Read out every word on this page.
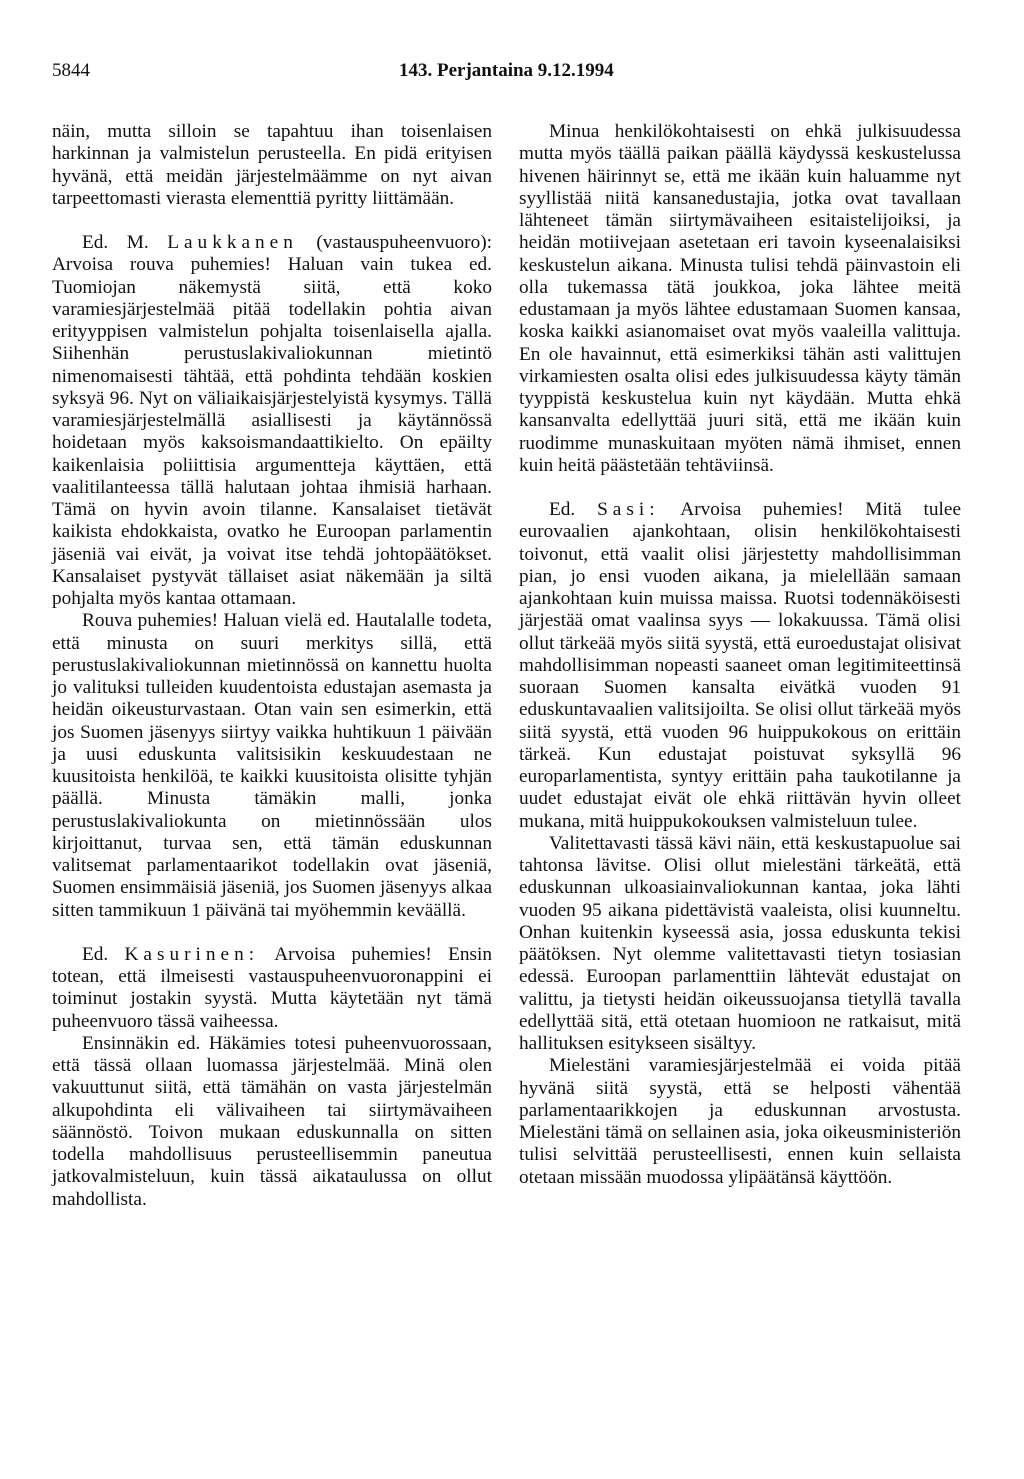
5844	143. Perjantaina 9.12.1994

näin, mutta silloin se tapahtuu ihan toisenlaisen harkinnan ja valmistelun perusteella. En pidä erityisen hyvänä, että meidän järjestelmäämme on nyt aivan tarpeettomasti vierasta elementtiä pyritty liittämään.

Ed. M. Laukkanen (vastauspuheenvuoro): Arvoisa rouva puhemies! Haluan vain tukea ed. Tuomiojan näkemystä siitä, että koko varamiesjärjestelmää pitää todellakin pohtia aivan erityyppisen valmistelun pohjalta toisenlaisella ajalla. Siihenhän perustuslakivaliokunnan mietintö nimenomaisesti tähtää, että pohdinta tehdään koskien syksyä 96. Nyt on väliaikaisjärjestelyistä kysymys. Tällä varamiesjärjestelmällä asiallisesti ja käytännössä hoidetaan myös kaksoismandaattikielto. On epäilty kaikenlaisia poliittisia argumentteja käyttäen, että vaalitilanteessa tällä halutaan johtaa ihmisiä harhaan. Tämä on hyvin avoin tilanne. Kansalaiset tietävät kaikista ehdokkaista, ovatko he Euroopan parlamentin jäseniä vai eivät, ja voivat itse tehdä johtopäätökset. Kansalaiset pystyvät tällaiset asiat näkemään ja siltä pohjalta myös kantaa ottamaan.

Rouva puhemies! Haluan vielä ed. Hautalalle todeta, että minusta on suuri merkitys sillä, että perustuslakivaliokunnan mietinnössä on kannettu huolta jo valituksi tulleiden kuudentoista edustajan asemasta ja heidän oikeusturvastaan. Otan vain sen esimerkin, että jos Suomen jäsenyys siirtyy vaikka huhtikuun 1 päivään ja uusi eduskunta valitsisikin keskuudestaan ne kuusitoista henkilöä, te kaikki kuusitoista olisitte tyhjän päällä. Minusta tämäkin malli, jonka perustuslakivaliokunta on mietinnössään ulos kirjoittanut, turvaa sen, että tämän eduskunnan valitsemat parlamentaarikot todellakin ovat jäseniä, Suomen ensimmäisiä jäseniä, jos Suomen jäsenyys alkaa sitten tammikuun 1 päivänä tai myöhemmin keväällä.

Ed. Kasurinen: Arvoisa puhemies! Ensin totean, että ilmeisesti vastauspuheenvuoronappini ei toiminut jostakin syystä. Mutta käytetään nyt tämä puheenvuoro tässä vaiheessa.

Ensinnäkin ed. Häkämies totesi puheenvuorossaan, että tässä ollaan luomassa järjestelmää. Minä olen vakuuttunut siitä, että tämähän on vasta järjestelmän alkupohdinta eli välivaiheen tai siirtymävaiheen säännöstö. Toivon mukaan eduskunnalla on sitten todella mahdollisuus perusteellisemmin paneutua jatkovalmisteluun, kuin tässä aikataulussa on ollut mahdollista.

Minua henkilökohtaisesti on ehkä julkisuudessa mutta myös täällä paikan päällä käydyssä keskustelussa hivenen häirinnyt se, että me ikään kuin haluamme nyt syyllistää niitä kansanedustajia, jotka ovat tavallaan lähteneet tämän siirtymävaiheen esitaistelijoiksi, ja heidän motiivejaan asetetaan eri tavoin kyseenalaisiksi keskustelun aikana. Minusta tulisi tehdä päinvastoin eli olla tukemassa tätä joukkoa, joka lähtee meitä edustamaan ja myös lähtee edustamaan Suomen kansaa, koska kaikki asianomaiset ovat myös vaaleilla valittuja. En ole havainnut, että esimerkiksi tähän asti valittujen virkamiesten osalta olisi edes julkisuudessa käyty tämän tyyppistä keskustelua kuin nyt käydään. Mutta ehkä kansanvalta edellyttää juuri sitä, että me ikään kuin ruodimme munaskuitaan myöten nämä ihmiset, ennen kuin heitä päästetään tehtäviinsä.

Ed. Sasi: Arvoisa puhemies! Mitä tulee eurovaalien ajankohtaan, olisin henkilökohtaisesti toivonut, että vaalit olisi järjestetty mahdollisimman pian, jo ensi vuoden aikana, ja mielellään samaan ajankohtaan kuin muissa maissa. Ruotsi todennäköisesti järjestää omat vaalinsa syys — lokakuussa. Tämä olisi ollut tärkeää myös siitä syystä, että euroedustajat olisivat mahdollisimman nopeasti saaneet oman legitimiteettinsä suoraan Suomen kansalta eivätkä vuoden 91 eduskuntavaalien valitsijoilta. Se olisi ollut tärkeää myös siitä syystä, että vuoden 96 huippukokous on erittäin tärkeä. Kun edustajat poistuvat syksyllä 96 europarlamentista, syntyy erittäin paha taukotilanne ja uudet edustajat eivät ole ehkä riittävän hyvin olleet mukana, mitä huippukokouksen valmisteluun tulee.

Valitettavasti tässä kävi näin, että keskustapuolue sai tahtonsa lävitse. Olisi ollut mielestäni tärkeätä, että eduskunnan ulkoasiainvaliokunnan kantaa, joka lähti vuoden 95 aikana pidettävistä vaaleista, olisi kuunneltu. Onhan kuitenkin kyseessä asia, jossa eduskunta tekisi päätöksen. Nyt olemme valitettavasti tietyn tosiasian edessä. Euroopan parlamenttiin lähtevät edustajat on valittu, ja tietysti heidän oikeussuojansa tietyllä tavalla edellyttää sitä, että otetaan huomioon ne ratkaisut, mitä hallituksen esitykseen sisältyy.

Mielestäni varamiesjärjestelmää ei voida pitää hyvänä siitä syystä, että se helposti vähentää parlamentaarikkojen ja eduskunnan arvostusta. Mielestäni tämä on sellainen asia, joka oikeusministeriön tulisi selvittää perusteellisesti, ennen kuin sellaista otetaan missään muodossa ylipäätänsä käyttöön.
